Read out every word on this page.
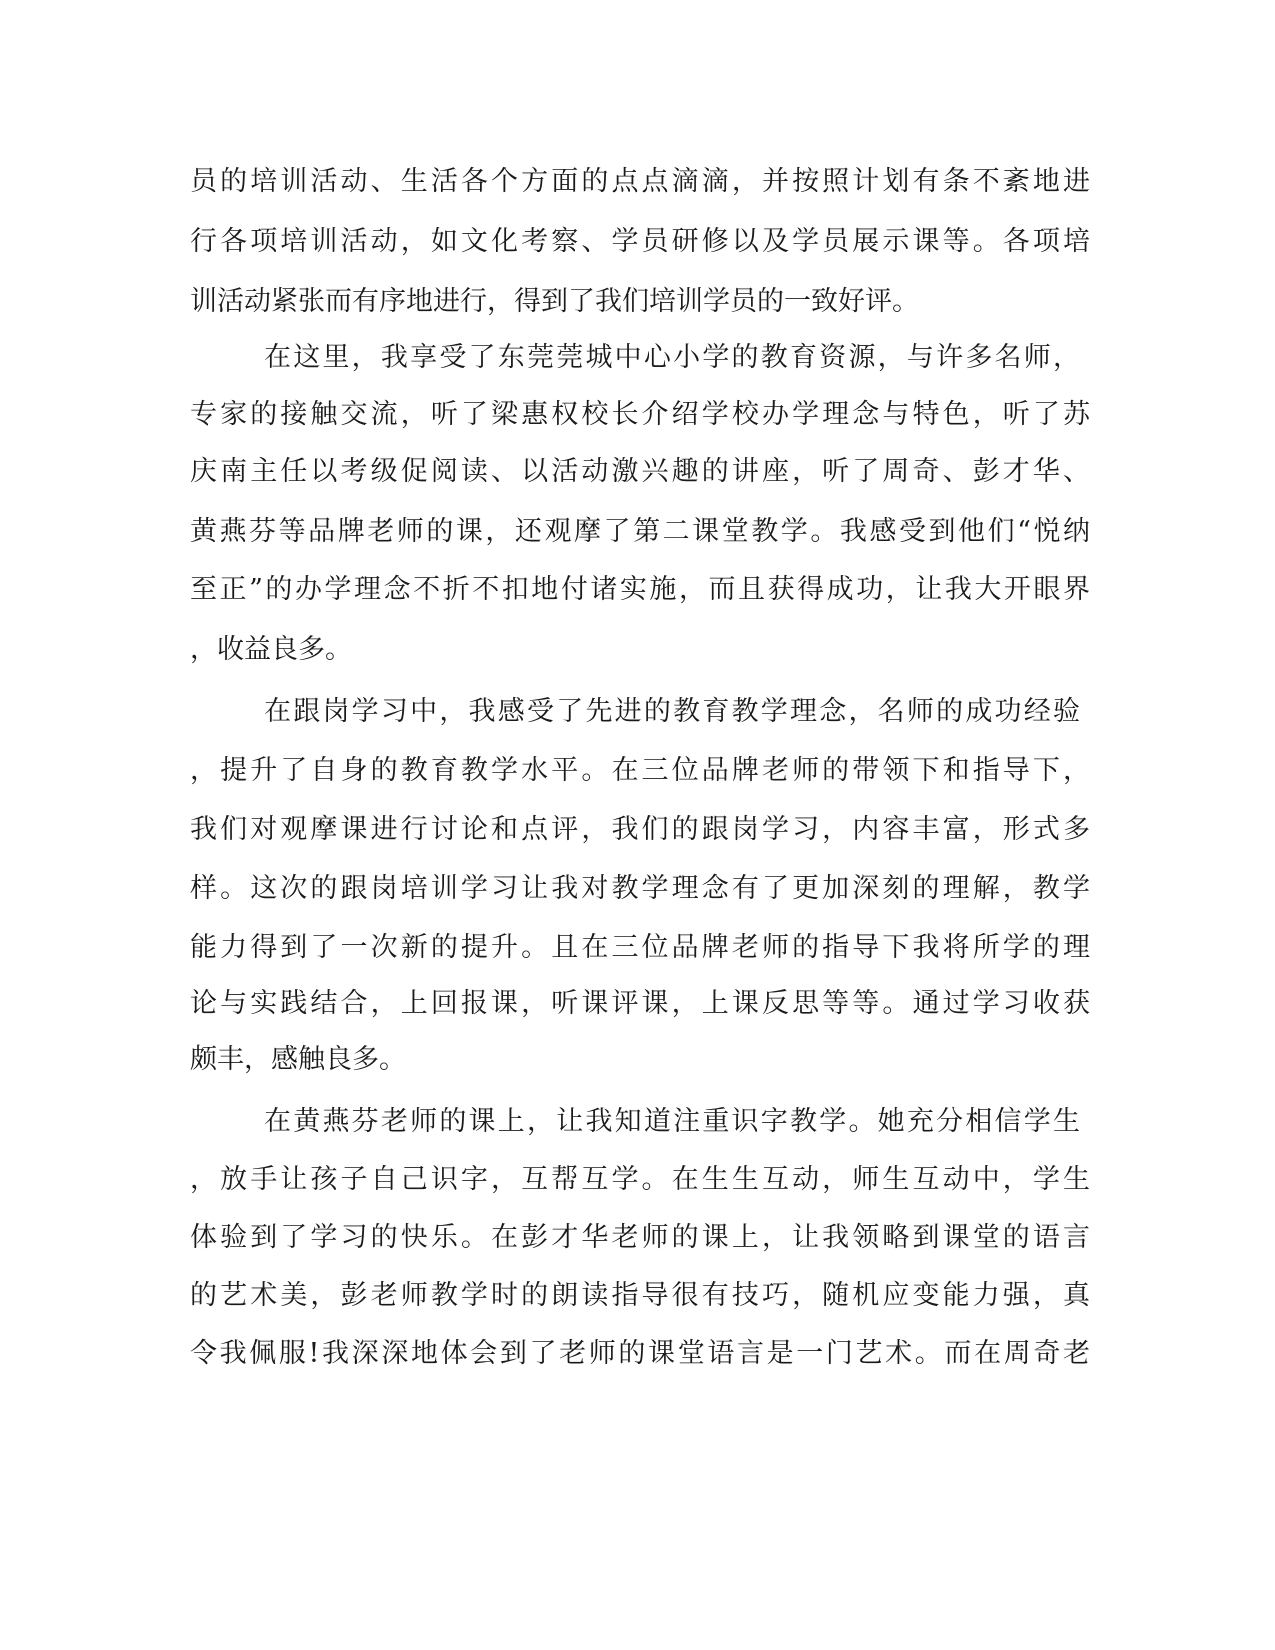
员的培训活动、生活各个方面的点点滴滴，并按照计划有条不紊地进
行各项培训活动，如文化考察、学员研修以及学员展示课等。各项培
训活动紧张而有序地进行，得到了我们培训学员的一致好评。
在这里，我享受了东莞莞城中心小学的教育资源，与许多名师，
专家的接触交流，听了梁惠权校长介绍学校办学理念与特色，听了苏
庆南主任以考级促阅读、以活动激兴趣的讲座，听了周奇、彭才华、
黄燕芬等品牌老师的课，还观摩了第二课堂教学。我感受到他们“悦纳
至正”的办学理念不折不扣地付诸实施，而且获得成功，让我大开眼界
，收益良多。
在跟岗学习中，我感受了先进的教育教学理念，名师的成功经验
，提升了自身的教育教学水平。在三位品牌老师的带领下和指导下，
我们对观摩课进行讨论和点评，我们的跟岗学习，内容丰富，形式多
样。这次的跟岗培训学习让我对教学理念有了更加深刻的理解，教学
能力得到了一次新的提升。且在三位品牌老师的指导下我将所学的理
论与实践结合，上回报课，听课评课，上课反思等等。通过学习收获
颇丰，感触良多。
在黄燕芬老师的课上，让我知道注重识字教学。她充分相信学生
，放手让孩子自己识字，互帮互学。在生生互动，师生互动中，学生
体验到了学习的快乐。在彭才华老师的课上，让我领略到课堂的语言
的艺术美，彭老师教学时的朗读指导很有技巧，随机应变能力强，真
令我佩服!我深深地体会到了老师的课堂语言是一门艺术。而在周奇老
